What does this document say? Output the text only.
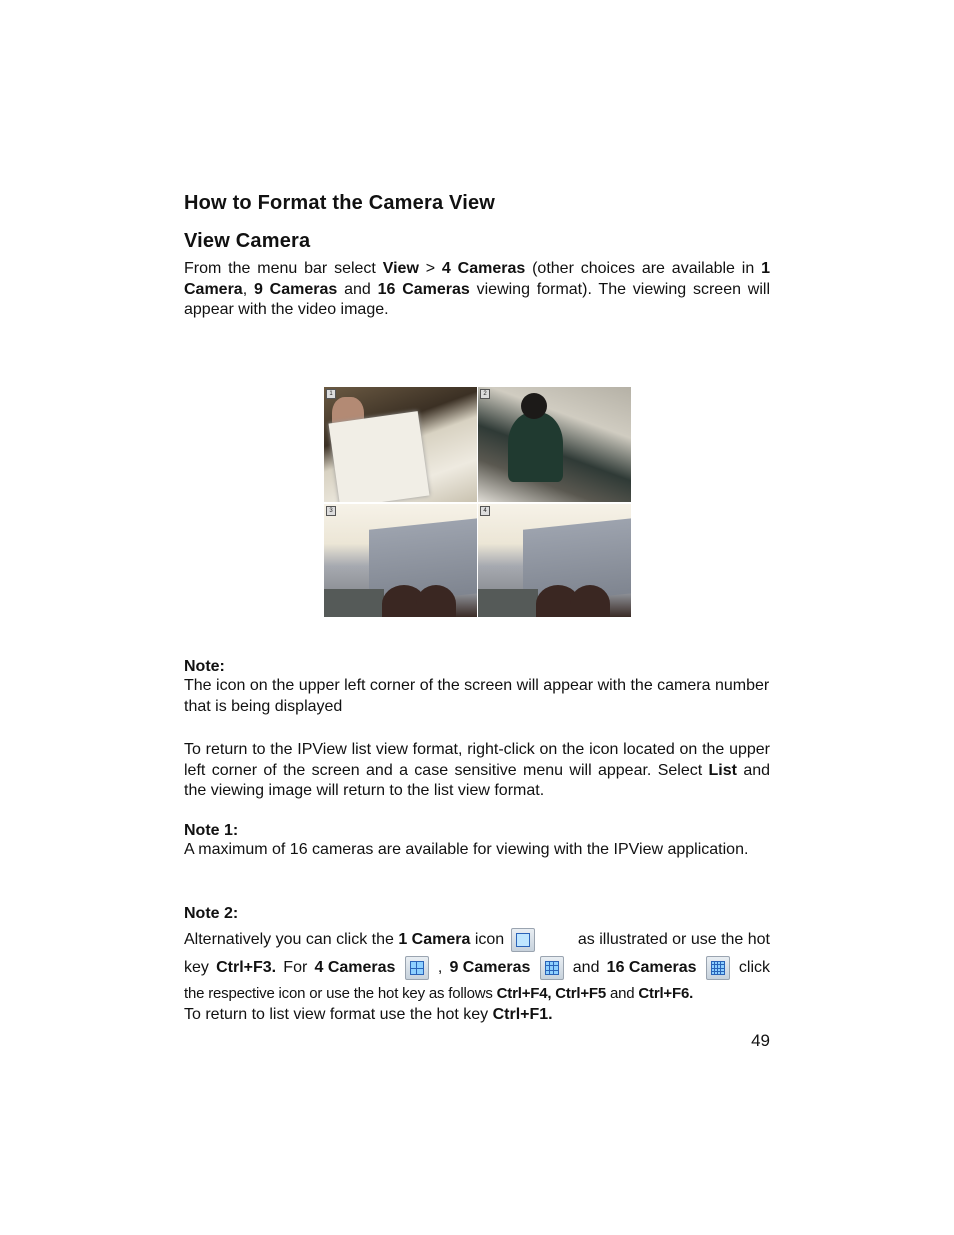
How to Format the Camera View
View Camera

From the menu bar select View > 4 Cameras (other choices are available in 1 Camera, 9 Cameras and 16 Cameras viewing format). The viewing screen will appear with the video image.

1	2
3	4

Note:

The icon on the upper left corner of the screen will appear with the camera number that is being displayed

To return to the IPView list view format, right-click on the icon located on the upper left corner of the screen and a case sensitive menu will appear. Select List and the viewing image will return to the list view format.

Note 1:

A maximum of 16 cameras are available for viewing with the IPView application.

Note 2:

Alternatively you can click the 1 Camera icon	as illustrated or use the hot
key Ctrl+F3. For 4 Cameras	, 9 Cameras	and 16 Cameras	click
the respective icon or use the hot key as follows Ctrl+F4, Ctrl+F5 and Ctrl+F6.
To return to list view format use the hot key Ctrl+F1.
49
